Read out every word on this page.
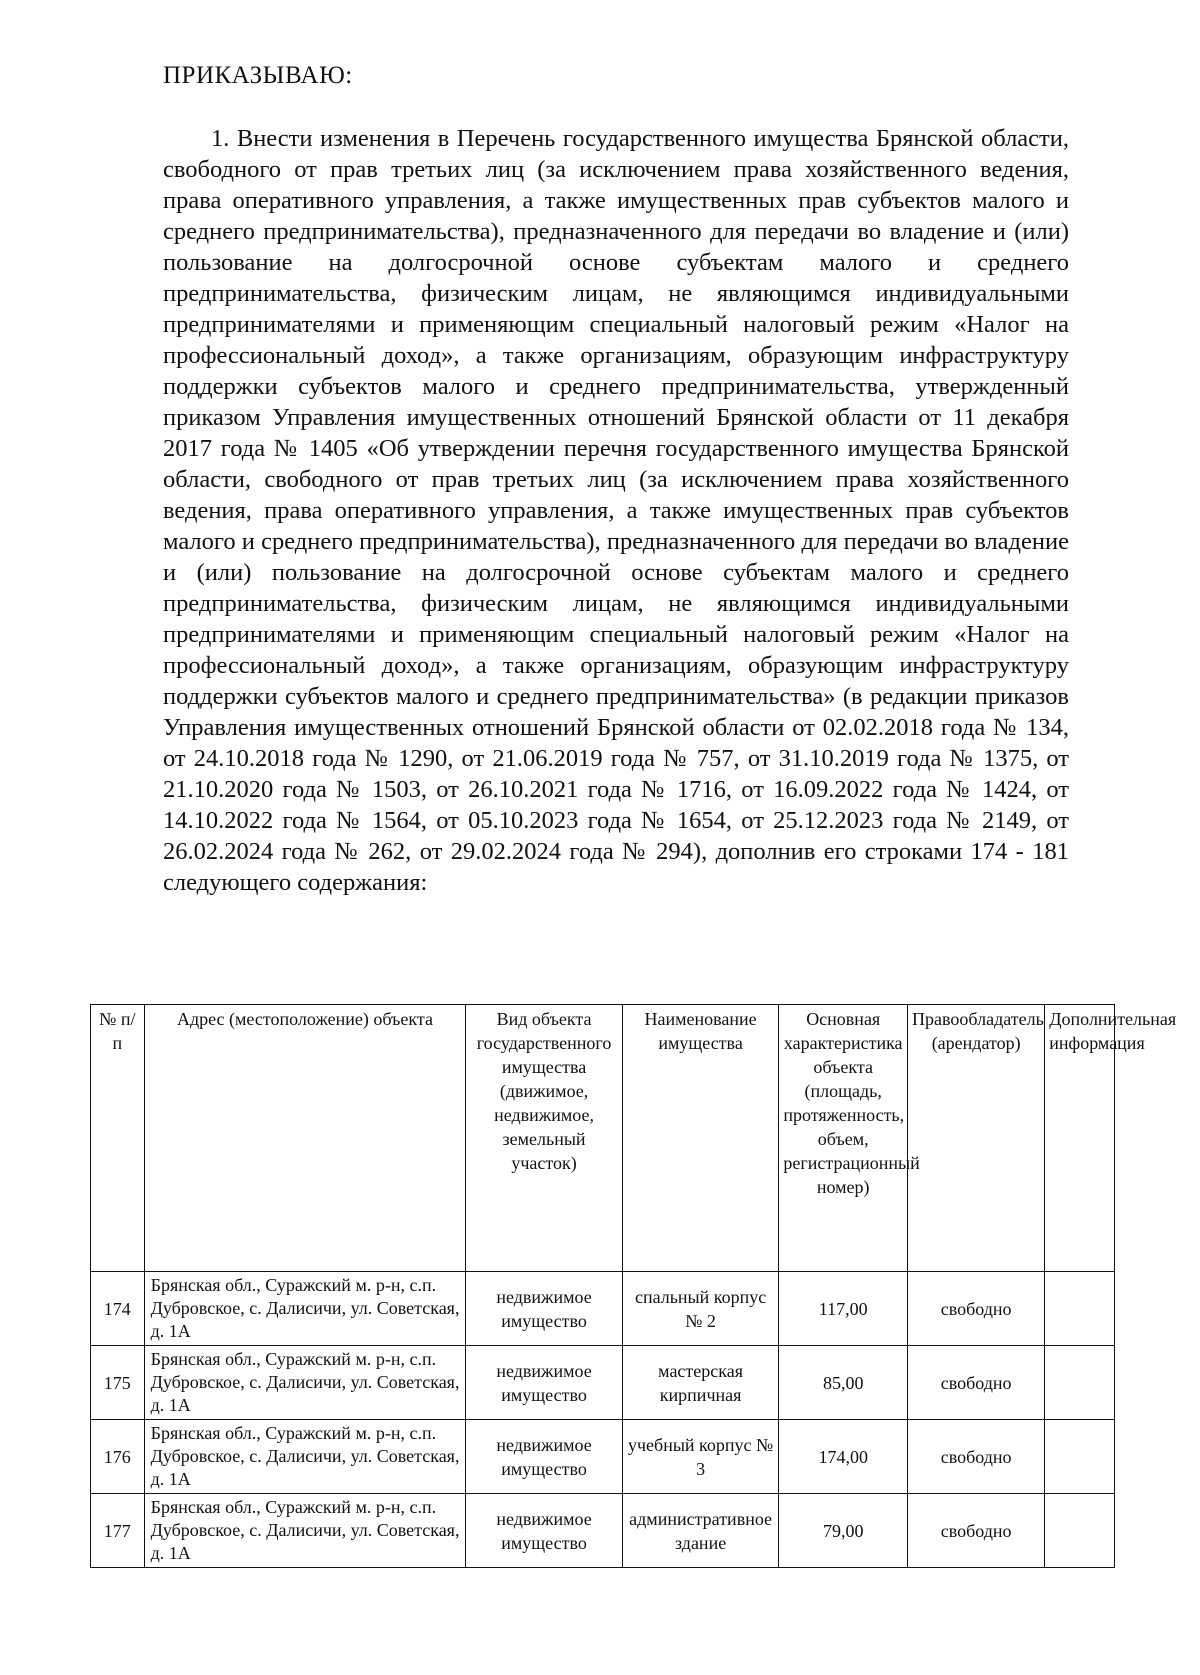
ПРИКАЗЫВАЮ:

1. Внести изменения в Перечень государственного имущества Брянской области, свободного от прав третьих лиц (за исключением права хозяйственного ведения, права оперативного управления, а также имущественных прав субъектов малого и среднего предпринимательства), предназначенного для передачи во владение и (или) пользование на долгосрочной основе субъектам малого и среднего предпринимательства, физическим лицам, не являющимся индивидуальными предпринимателями и применяющим специальный налоговый режим «Налог на профессиональный доход», а также организациям, образующим инфраструктуру поддержки субъектов малого и среднего предпринимательства, утвержденный приказом Управления имущественных отношений Брянской области от 11 декабря 2017 года № 1405 «Об утверждении перечня государственного имущества Брянской области, свободного от прав третьих лиц (за исключением права хозяйственного ведения, права оперативного управления, а также имущественных прав субъектов малого и среднего предпринимательства), предназначенного для передачи во владение и (или) пользование на долгосрочной основе субъектам малого и среднего предпринимательства, физическим лицам, не являющимся индивидуальными предпринимателями и применяющим специальный налоговый режим «Налог на профессиональный доход», а также организациям, образующим инфраструктуру поддержки субъектов малого и среднего предпринимательства» (в редакции приказов Управления имущественных отношений Брянской области от 02.02.2018 года № 134, от 24.10.2018 года № 1290, от 21.06.2019 года № 757, от 31.10.2019 года № 1375, от 21.10.2020 года № 1503, от 26.10.2021 года № 1716, от 16.09.2022 года № 1424, от 14.10.2022 года № 1564, от 05.10.2023 года № 1654, от 25.12.2023 года № 2149, от 26.02.2024 года № 262, от 29.02.2024 года № 294), дополнив его строками 174 - 181 следующего содержания:

№ п/п	Адрес (местоположение) объекта	Вид объекта государственного имущества (движимое, недвижимое, земельный участок)	Наименование имущества	Основная характеристика объекта (площадь, протяженность, объем, регистрационный номер)	Правообладатель (арендатор)	Дополнительная информация
174	Брянская обл., Суражский м. р-н, с.п. Дубровское, с. Далисичи, ул. Советская, д. 1А	недвижимое имущество	спальный корпус № 2	117,00	свободно	
175	Брянская обл., Суражский м. р-н, с.п. Дубровское, с. Далисичи, ул. Советская, д. 1А	недвижимое имущество	мастерская кирпичная	85,00	свободно	
176	Брянская обл., Суражский м. р-н, с.п. Дубровское, с. Далисичи, ул. Советская, д. 1А	недвижимое имущество	учебный корпус № 3	174,00	свободно	
177	Брянская обл., Суражский м. р-н, с.п. Дубровское, с. Далисичи, ул. Советская, д. 1А	недвижимое имущество	административное здание	79,00	свободно	
